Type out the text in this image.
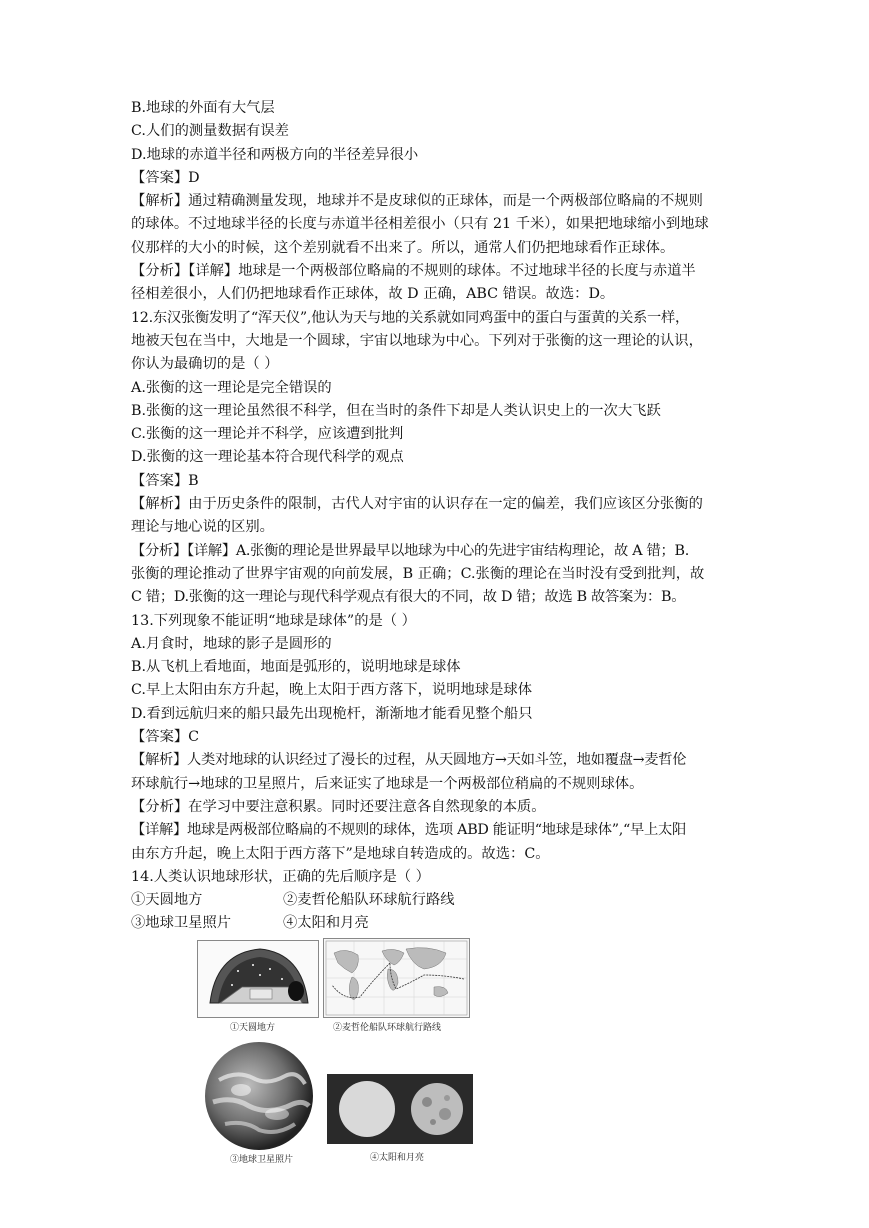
B.地球的外面有大气层

C.人们的测量数据有误差

D.地球的赤道半径和两极方向的半径差异很小

【答案】D

【解析】通过精确测量发现，地球并不是皮球似的正球体，而是一个两极部位略扁的不规则

的球体。不过地球半径的长度与赤道半径相差很小（只有 21 千米），如果把地球缩小到地球

仪那样的大小的时候，这个差别就看不出来了。所以，通常人们仍把地球看作正球体。

【分析】【详解】地球是一个两极部位略扁的不规则的球体。不过地球半径的长度与赤道半

径相差很小，人们仍把地球看作正球体，故 D 正确，ABC 错误。故选：D。

12.东汉张衡发明了“浑天仪”,他认为天与地的关系就如同鸡蛋中的蛋白与蛋黄的关系一样，

地被天包在当中，大地是一个圆球，宇宙以地球为中心。下列对于张衡的这一理论的认识，

你认为最确切的是（ ）

A.张衡的这一理论是完全错误的

B.张衡的这一理论虽然很不科学，但在当时的条件下却是人类认识史上的一次大飞跃

C.张衡的这一理论并不科学，应该遭到批判

D.张衡的这一理论基本符合现代科学的观点

【答案】B

【解析】由于历史条件的限制，古代人对宇宙的认识存在一定的偏差，我们应该区分张衡的

理论与地心说的区别。

【分析】【详解】A.张衡的理论是世界最早以地球为中心的先进宇宙结构理论，故 A 错；B.

张衡的理论推动了世界宇宙观的向前发展，B 正确；C.张衡的理论在当时没有受到批判，故

C 错；D.张衡的这一理论与现代科学观点有很大的不同，故 D 错；故选 B 故答案为：B。

13.下列现象不能证明“地球是球体”的是（ ）

A.月食时，地球的影子是圆形的

B.从飞机上看地面，地面是弧形的，说明地球是球体

C.早上太阳由东方升起，晚上太阳于西方落下，说明地球是球体

D.看到远航归来的船只最先出现桅杆，渐渐地才能看见整个船只

【答案】C

【解析】人类对地球的认识经过了漫长的过程，从天圆地方→天如斗笠，地如覆盘→麦哲伦

环球航行→地球的卫星照片，后来证实了地球是一个两极部位稍扁的不规则球体。

【分析】在学习中要注意积累。同时还要注意各自然现象的本质。

【详解】地球是两极部位略扁的不规则的球体，选项 ABD 能证明“地球是球体”,“早上太阳

由东方升起，晚上太阳于西方落下”是地球自转造成的。故选：C。

14.人类认识地球形状，正确的先后顺序是（ ）

①天圆地方	②麦哲伦船队环球航行路线
③地球卫星照片	④太阳和月亮
①天圆地方	②麦哲伦船队环球航行路线
③地球卫星照片	④太阳和月亮
